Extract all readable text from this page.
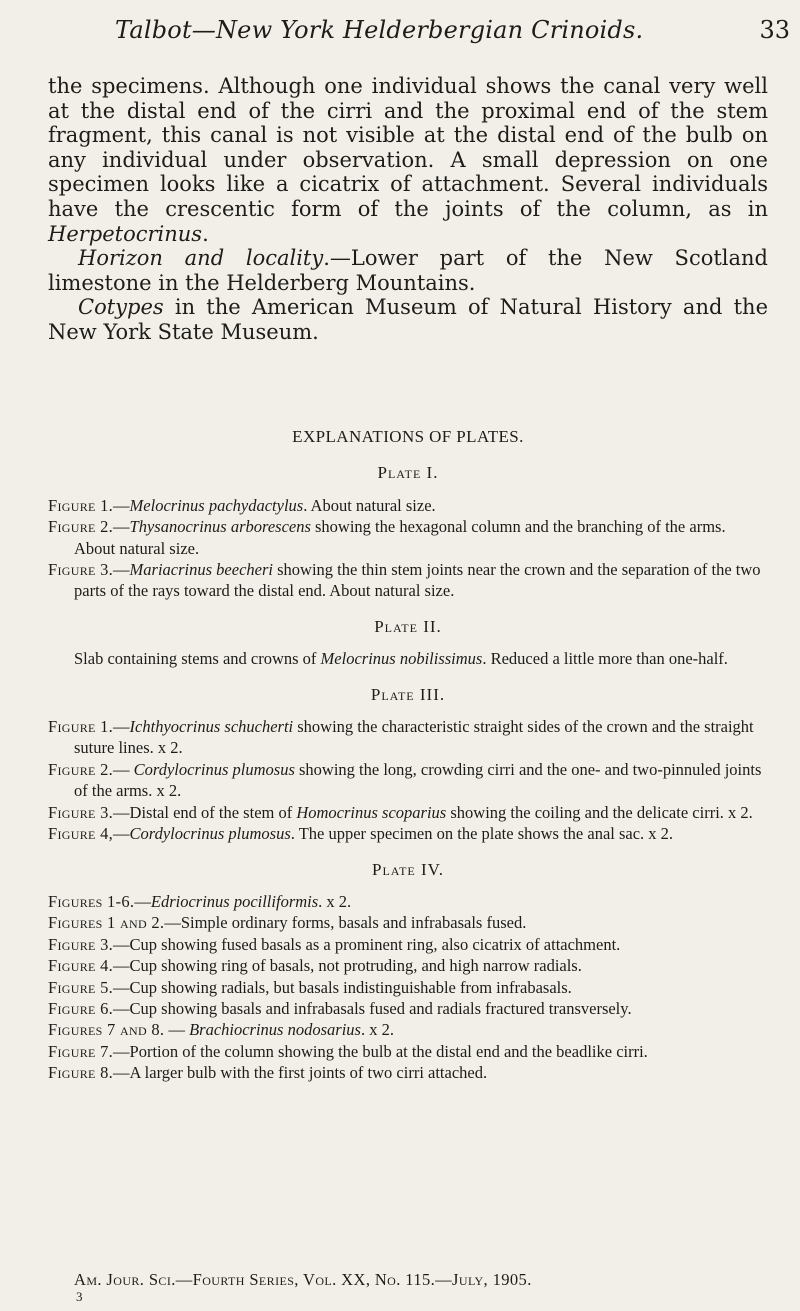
Talbot—New York Helderbergian Crinoids.	33

the specimens. Although one individual shows the canal very well at the distal end of the cirri and the proximal end of the stem fragment, this canal is not visible at the distal end of the bulb on any individual under observation. A small depression on one specimen looks like a cicatrix of attachment. Several individuals have the crescentic form of the joints of the column, as in Herpetocrinus.

Horizon and locality.—Lower part of the New Scotland limestone in the Helderberg Mountains.

Cotypes in the American Museum of Natural History and the New York State Museum.

EXPLANATIONS OF PLATES.
Plate I.

Figure 1.—Melocrinus pachydactylus. About natural size.

Figure 2.—Thysanocrinus arborescens showing the hexagonal column and the branching of the arms. About natural size.

Figure 3.—Mariacrinus beecheri showing the thin stem joints near the crown and the separation of the two parts of the rays toward the distal end. About natural size.

Plate II.

Slab containing stems and crowns of Melocrinus nobilissimus. Reduced a little more than one-half.

Plate III.

Figure 1.—Ichthyocrinus schucherti showing the characteristic straight sides of the crown and the straight suture lines. x 2.

Figure 2.— Cordylocrinus plumosus showing the long, crowding cirri and the one- and two-pinnuled joints of the arms. x 2.

Figure 3.—Distal end of the stem of Homocrinus scoparius showing the coiling and the delicate cirri. x 2.

Figure 4,—Cordylocrinus plumosus. The upper specimen on the plate shows the anal sac. x 2.

Plate IV.

Figures 1-6.—Edriocrinus pocilliformis. x 2.

Figures 1 and 2.—Simple ordinary forms, basals and infrabasals fused.

Figure 3.—Cup showing fused basals as a prominent ring, also cicatrix of attachment.

Figure 4.—Cup showing ring of basals, not protruding, and high narrow radials.

Figure 5.—Cup showing radials, but basals indistinguishable from infrabasals.

Figure 6.—Cup showing basals and infrabasals fused and radials fractured transversely.

Figures 7 and 8. — Brachiocrinus nodosarius. x 2.

Figure 7.—Portion of the column showing the bulb at the distal end and the beadlike cirri.

Figure 8.—A larger bulb with the first joints of two cirri attached.

Am. Jour. Sci.—Fourth Series, Vol. XX, No. 115.—July, 1905.
3
